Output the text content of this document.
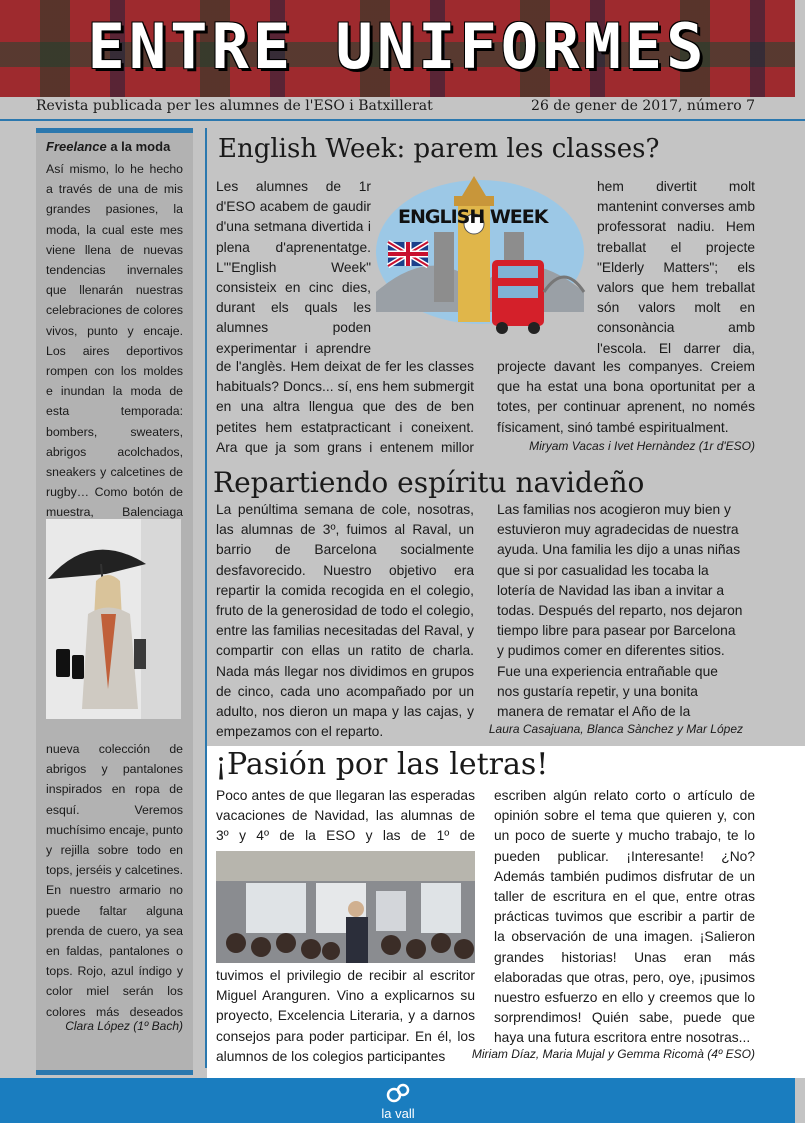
ENTRE UNIFORMES
Revista publicada per les alumnes de l'ESO i Batxillerat	26 de gener de 2017, número 7
Freelance a la moda
Así mismo, lo he hecho a través de una de mis grandes pasiones, la moda, la cual este mes viene llena de nuevas tendencias invernales que llenarán nuestras celebraciones de colores vivos, punto y encaje. Los aires deportivos rompen con los moldes e inundan la moda de esta temporada: bombers, sweaters, abrigos acolchados, sneakers y calcetines de rugby… Como botón de muestra, Balenciaga
nueva colección de abrigos y pantalones inspirados en ropa de esquí. Veremos muchísimo encaje, punto y rejilla sobre todo en tops, jerséis y calcetines. En nuestro armario no puede faltar alguna prenda de cuero, ya sea en faldas, pantalones o tops. Rojo, azul índigo y color miel serán los colores más deseados
Clara López (1º Bach)
English Week: parem les classes?
Les alumnes de 1r d'ESO acabem de gaudir d'una setmana divertida i plena d'aprenentatge. L'"English Week" consisteix en cinc dies, durant els quals les alumnes poden experimentar i aprendre
ENGLISH WEEK
hem divertit molt mantenint converses amb professorat nadiu. Hem treballat el projecte "Elderly Matters"; els valors que hem treballat són valors molt en consonància amb l'escola. El darrer dia,
de l'anglès. Hem deixat de fer les classes habituals? Doncs... sí, ens hem submergit en una altra llengua que des de ben petites hem estatpracticant i coneixent. Ara que ja som grans i entenem millor
projecte davant les companyes. Creiem que ha estat una bona oportunitat per a totes, per continuar aprenent, no només físicament, sinó també espiritualment.
Miryam Vacas i Ivet Hernàndez (1r d'ESO)
Repartiendo espíritu navideño
La penúltima semana de cole, nosotras, las alumnas de 3º, fuimos al Raval, un barrio de Barcelona socialmente desfavorecido. Nuestro objetivo era repartir la comida recogida en el colegio, fruto de la generosidad de todo el colegio, entre las familias necesitadas del Raval, y compartir con ellas un ratito de charla. Nada más llegar nos dividimos en grupos de cinco, cada uno acompañado por un adulto, nos dieron un mapa y las cajas, y empezamos con el reparto.
Las familias nos acogieron muy bien y estuvieron muy agradecidas de nuestra ayuda. Una familia les dijo a unas niñas que si por casualidad les tocaba la lotería de Navidad las iban a invitar a todas. Después del reparto, nos dejaron tiempo libre para pasear por Barcelona y pudimos comer en diferentes sitios. Fue una experiencia entrañable que nos gustaría repetir, y una bonita manera de rematar el Año de la
Laura Casajuana, Blanca Sànchez y Mar López
¡Pasión por las letras!
Poco antes de que llegaran las esperadas vacaciones de Navidad, las alumnas de 3º y 4º de la ESO y las de 1º de
tuvimos el privilegio de recibir al escritor Miguel Aranguren. Vino a explicarnos su proyecto, Excelencia Literaria, y a darnos consejos para poder participar. En él, los alumnos de los colegios participantes
escriben algún relato corto o artículo de opinión sobre el tema que quieren y, con un poco de suerte y mucho trabajo, te lo pueden publicar. ¡Interesante! ¿No? Además también pudimos disfrutar de un taller de escritura en el que, entre otras prácticas tuvimos que escribir a partir de la observación de una imagen. ¡Salieron grandes historias! Unas eran más elaboradas que otras, pero, oye, ¡pusimos nuestro esfuerzo en ello y creemos que lo sorprendimos! Quién sabe, puede que haya una futura escritora entre nosotras...
Miriam Díaz, Maria Mujal y Gemma Ricomà (4º ESO)
la vall
